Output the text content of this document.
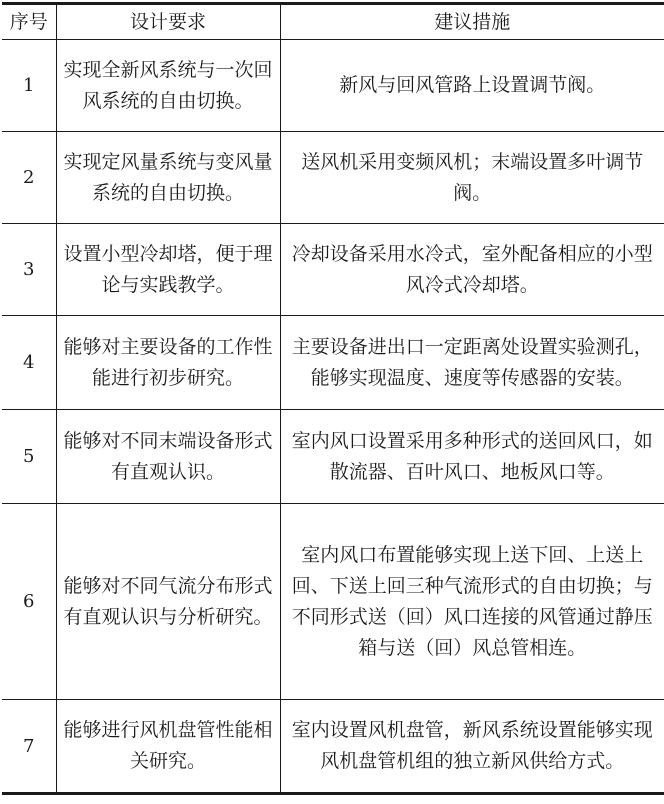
序号	设计要求	建议措施
1	实现全新风系统与一次回风系统的自由切换。	新风与回风管路上设置调节阀。
2	实现定风量系统与变风量系统的自由切换。	送风机采用变频风机；末端设置多叶调节阀。
3	设置小型冷却塔，便于理论与实践教学。	冷却设备采用水冷式，室外配备相应的小型风冷式冷却塔。
4	能够对主要设备的工作性能进行初步研究。	主要设备进出口一定距离处设置实验测孔，能够实现温度、速度等传感器的安装。
5	能够对不同末端设备形式有直观认识。	室内风口设置采用多种形式的送回风口，如散流器、百叶风口、地板风口等。
6	能够对不同气流分布形式有直观认识与分析研究。	室内风口布置能够实现上送下回、上送上回、下送上回三种气流形式的自由切换；与不同形式送（回）风口连接的风管通过静压箱与送（回）风总管相连。
7	能够进行风机盘管性能相关研究。	室内设置风机盘管，新风系统设置能够实现风机盘管机组的独立新风供给方式。
